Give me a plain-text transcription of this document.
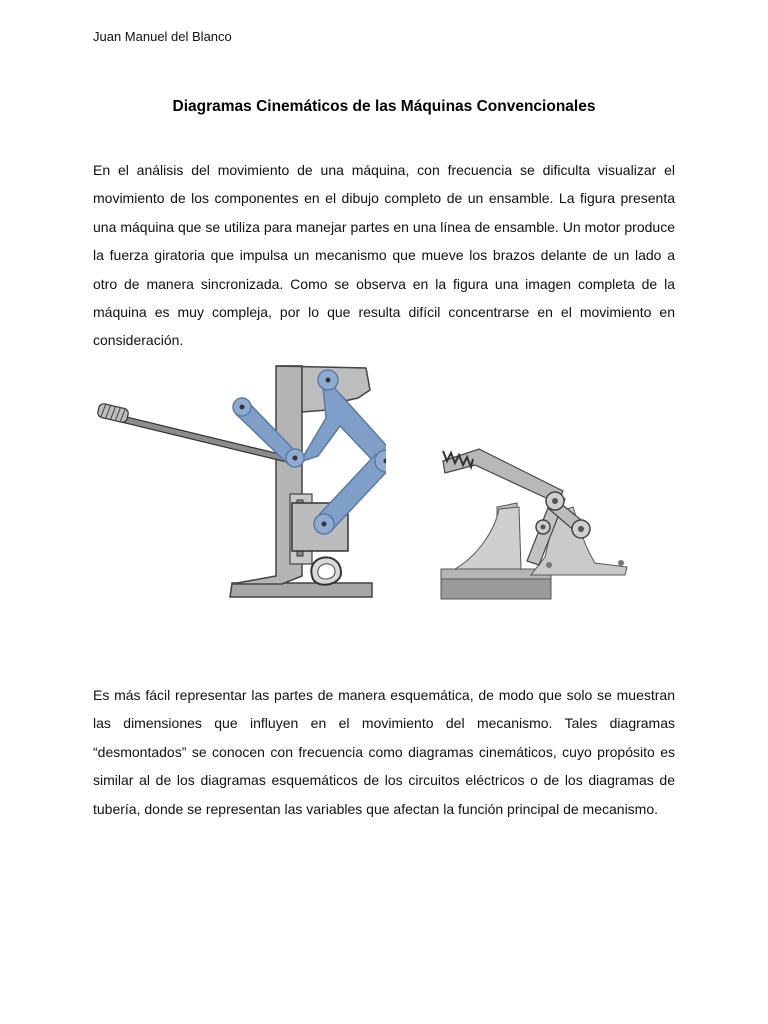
Juan Manuel del Blanco
Diagramas Cinemáticos de las Máquinas Convencionales

En el análisis del movimiento de una máquina, con frecuencia se dificulta visualizar el movimiento de los componentes en el dibujo completo de un ensamble. La figura presenta una máquina que se utiliza para manejar partes en una línea de ensamble. Un motor produce la fuerza giratoria que impulsa un mecanismo que mueve los brazos delante de un lado a otro de manera sincronizada. Como se observa en la figura una imagen completa de la máquina es muy compleja, por lo que resulta difícil concentrarse en el movimiento en consideración.

Es más fácil representar las partes de manera esquemática, de modo que solo se muestran las dimensiones que influyen en el movimiento del mecanismo. Tales diagramas “desmontados” se conocen con frecuencia como diagramas cinemáticos, cuyo propósito es similar al de los diagramas esquemáticos de los circuitos eléctricos o de los diagramas de tubería, donde se representan las variables que afectan la función principal de mecanismo.
